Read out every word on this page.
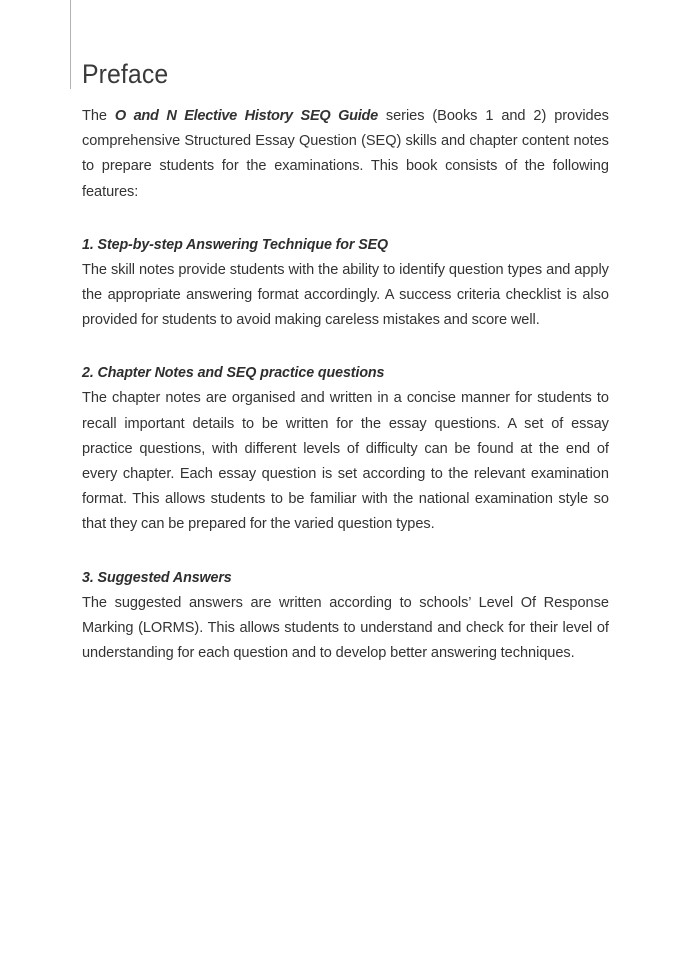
Preface

The O and N Elective History SEQ Guide series (Books 1 and 2) provides comprehensive Structured Essay Question (SEQ) skills and chapter content notes to prepare students for the examinations. This book consists of the following features:

1. Step-by-step Answering Technique for SEQ

The skill notes provide students with the ability to identify question types and apply the appropriate answering format accordingly. A success criteria checklist is also provided for students to avoid making careless mistakes and score well.

2. Chapter Notes and SEQ practice questions

The chapter notes are organised and written in a concise manner for students to recall important details to be written for the essay questions. A set of essay practice questions, with different levels of difficulty can be found at the end of every chapter. Each essay question is set according to the relevant examination format. This allows students to be familiar with the national examination style so that they can be prepared for the varied question types.

3. Suggested Answers

The suggested answers are written according to schools’ Level Of Response Marking (LORMS). This allows students to understand and check for their level of understanding for each question and to develop better answering techniques.
